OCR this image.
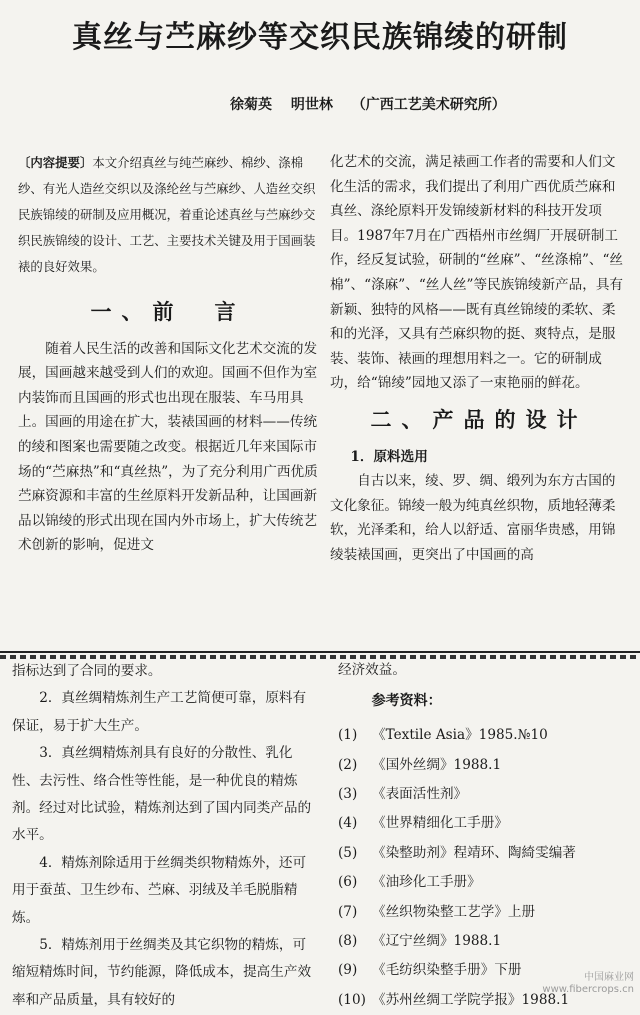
真丝与苎麻纱等交织民族锦绫的研制
徐菊英 明世林 （广西工艺美术研究所）

〔内容提要〕本文介绍真丝与纯苎麻纱、棉纱、涤棉纱、有光人造丝交织以及涤纶丝与苎麻纱、人造丝交织民族锦绫的研制及应用概况，着重论述真丝与苎麻纱交织民族锦绫的设计、工艺、主要技术关键及用于国画装裱的良好效果。

一、前　言

随着人民生活的改善和国际文化艺术交流的发展，国画越来越受到人们的欢迎。国画不但作为室内装饰而且国画的形式也出现在服装、车马用具上。国画的用途在扩大，装裱国画的材料——传统的绫和图案也需要随之改变。根据近几年来国际市场的“苎麻热”和“真丝热”，为了充分利用广西优质苎麻资源和丰富的生丝原料开发新品种，让国画新品以锦绫的形式出现在国内外市场上，扩大传统艺术创新的影响，促进文

化艺术的交流，满足裱画工作者的需要和人们文化生活的需求，我们提出了利用广西优质苎麻和真丝、涤纶原料开发锦绫新材料的科技开发项目。1987年7月在广西梧州市丝绸厂开展研制工作，经反复试验，研制的“丝麻”、“丝涤棉”、“丝棉”、“涤麻”、“丝人丝”等民族锦绫新产品，具有新颖、独特的风格——既有真丝锦绫的柔软、柔和的光泽，又具有苎麻织物的挺、爽特点，是服装、装饰、裱画的理想用料之一。它的研制成功，给“锦绫”园地又添了一束艳丽的鲜花。

二、产品的设计
1．原料选用

自古以来，绫、罗、绸、缎列为东方古国的文化象征。锦绫一般为纯真丝织物，质地轻薄柔软，光泽柔和，给人以舒适、富丽华贵感，用锦绫装裱国画，更突出了中国画的高

指标达到了合同的要求。

2．真丝绸精炼剂生产工艺简便可靠，原料有保证，易于扩大生产。

3．真丝绸精炼剂具有良好的分散性、乳化性、去污性、络合性等性能，是一种优良的精炼剂。经过对比试验，精炼剂达到了国内同类产品的水平。

4．精炼剂除适用于丝绸类织物精炼外，还可用于蚕茧、卫生纱布、苎麻、羽绒及羊毛脱脂精炼。

5．精炼剂用于丝绸类及其它织物的精炼，可缩短精炼时间，节约能源，降低成本，提高生产效率和产品质量，具有较好的

经济效益。

参考资料：
(1) 《Textile Asia》1985.№10
(2) 《国外丝绸》1988.1
(3) 《表面活性剂》
(4) 《世界精细化工手册》
(5) 《染整助剂》程靖环、陶綺雯编著
(6) 《油珍化工手册》
(7) 《丝织物染整工艺学》上册
(8) 《辽宁丝绸》1988.1
(9) 《毛纺织染整手册》下册
(10) 《苏州丝绸工学院学报》1988.1
中国麻业网
www.fibercrops.cn
